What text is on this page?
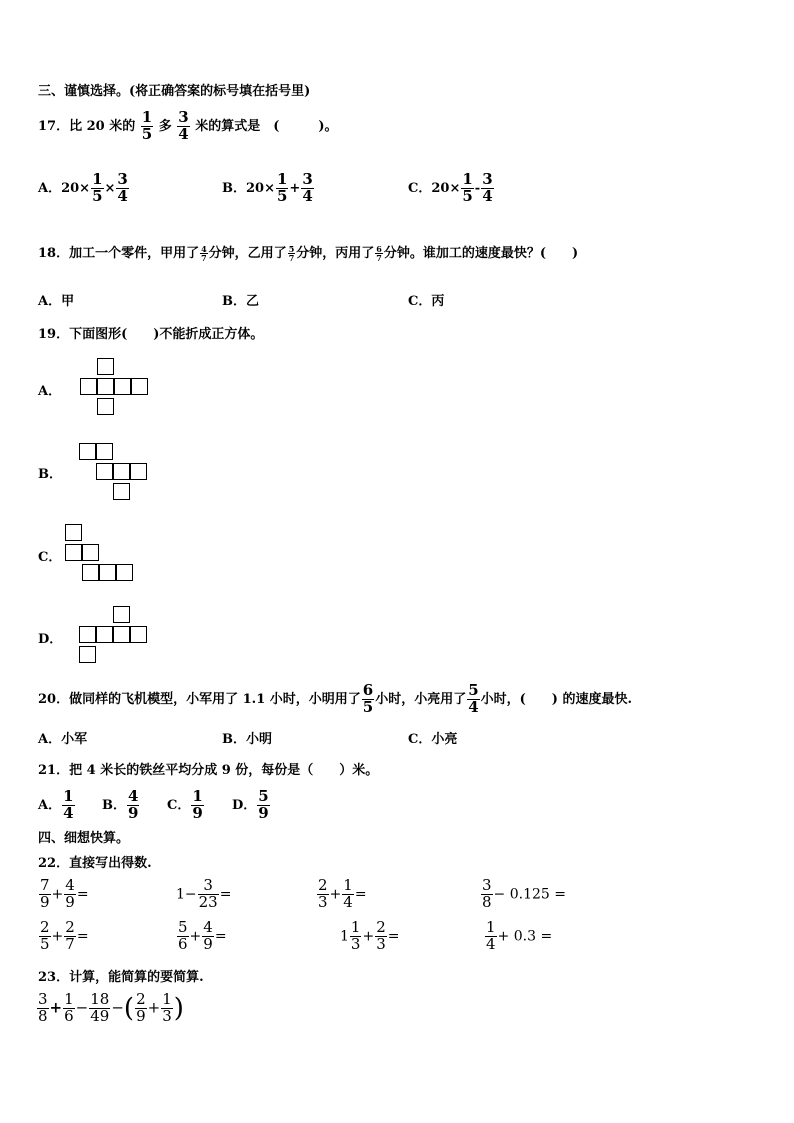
三、谨慎选择。(将正确答案的标号填在括号里)
17．比 20 米的 $\frac{1}{5}$ 多 $\frac{3}{4}$ 米的算式是　(　　　)。
A．$20\times \frac{1}{5} \times \frac{3}{4}$	B．$20\times \frac{1}{5} + \frac{3}{4}$	C．$20\times \frac{1}{5} - \frac{3}{4}$
18．加工一个零件，甲用了 $\frac{4}{7}$ 分钟，乙用了 $\frac{5}{7}$ 分钟，丙用了 $\frac{6}{7}$ 分钟。谁加工的速度最快？(　　)
A．甲	B．乙	C．丙
19．下面图形(　　)不能折成正方体。
A．
B．
C．
D．
20．做同样的飞机模型，小军用了 1.1 小时，小明用了 $\frac{6}{5}$ 小时，小亮用了 $\frac{5}{4}$ 小时，(　　) 的速度最快.
A．小军	B．小明	C．小亮
21．把 4 米长的铁丝平均分成 9 份，每份是（　　）米。
A． $\frac{1}{4}$ B． $\frac{4}{9}$ C． $\frac{1}{9}$ D． $\frac{5}{9}$
四、细想快算。
22．直接写出得数.
$\frac{7}{9} + \frac{4}{9}$ =	$1- \frac{3}{23}$ =	$\frac{2}{3} + \frac{1}{4}$ =	$\frac{3}{8} - 0.125$ =
$\frac{2}{5} + \frac{2}{7}$ =	$\frac{5}{6} + \frac{4}{9}$ =	$1 \frac{1}{3} + \frac{2}{3}$ =	$\frac{1}{4} + 0.3$ =
23．计算，能简算的要简算.
$\frac{3}{8} + \frac{1}{6} - \frac{18}{49}$ −( $\frac{2}{9} + \frac{1}{3}$ )
